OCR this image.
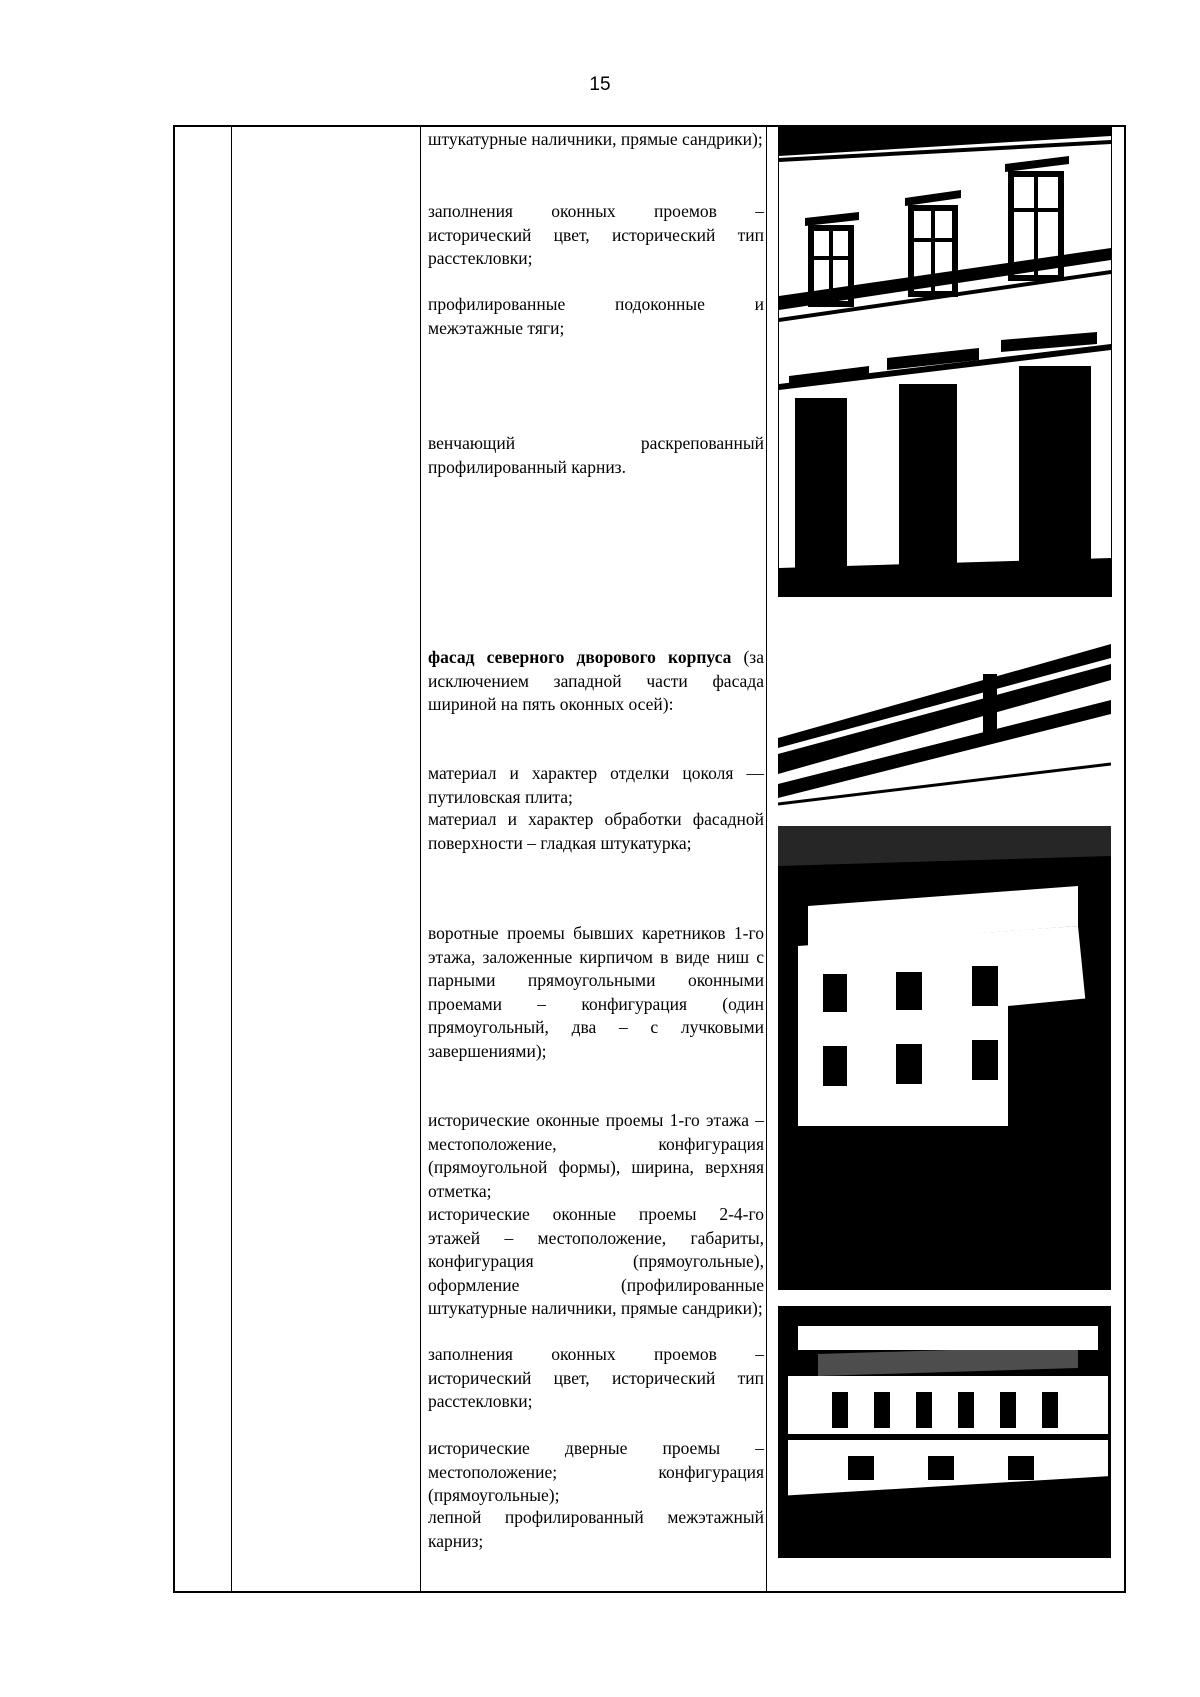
15
штукатурные наличники, прямые сандрики);
заполнения оконных проемов – исторический цвет, исторический тип расстекловки;
профилированные подоконные и межэтажные тяги;
венчающий раскрепованный профилированный карниз.
фасад северного дворового корпуса (за исключением западной части фасада шириной на пять оконных осей):
материал и характер отделки цоколя — путиловская плита;
материал и характер обработки фасадной поверхности – гладкая штукатурка;
воротные проемы бывших каретников 1-го этажа, заложенные кирпичом в виде ниш с парными прямоугольными оконными проемами – конфигурация (один прямоугольный, два – с лучковыми завершениями);
исторические оконные проемы 1-го этажа – местоположение, конфигурация (прямоугольной формы), ширина, верхняя отметка;
исторические оконные проемы 2-4-го этажей – местоположение, габариты, конфигурация (прямоугольные), оформление (профилированные штукатурные наличники, прямые сандрики);
заполнения оконных проемов – исторический цвет, исторический тип расстекловки;
исторические дверные проемы – местоположение; конфигурация (прямоугольные);
лепной профилированный межэтажный карниз;
